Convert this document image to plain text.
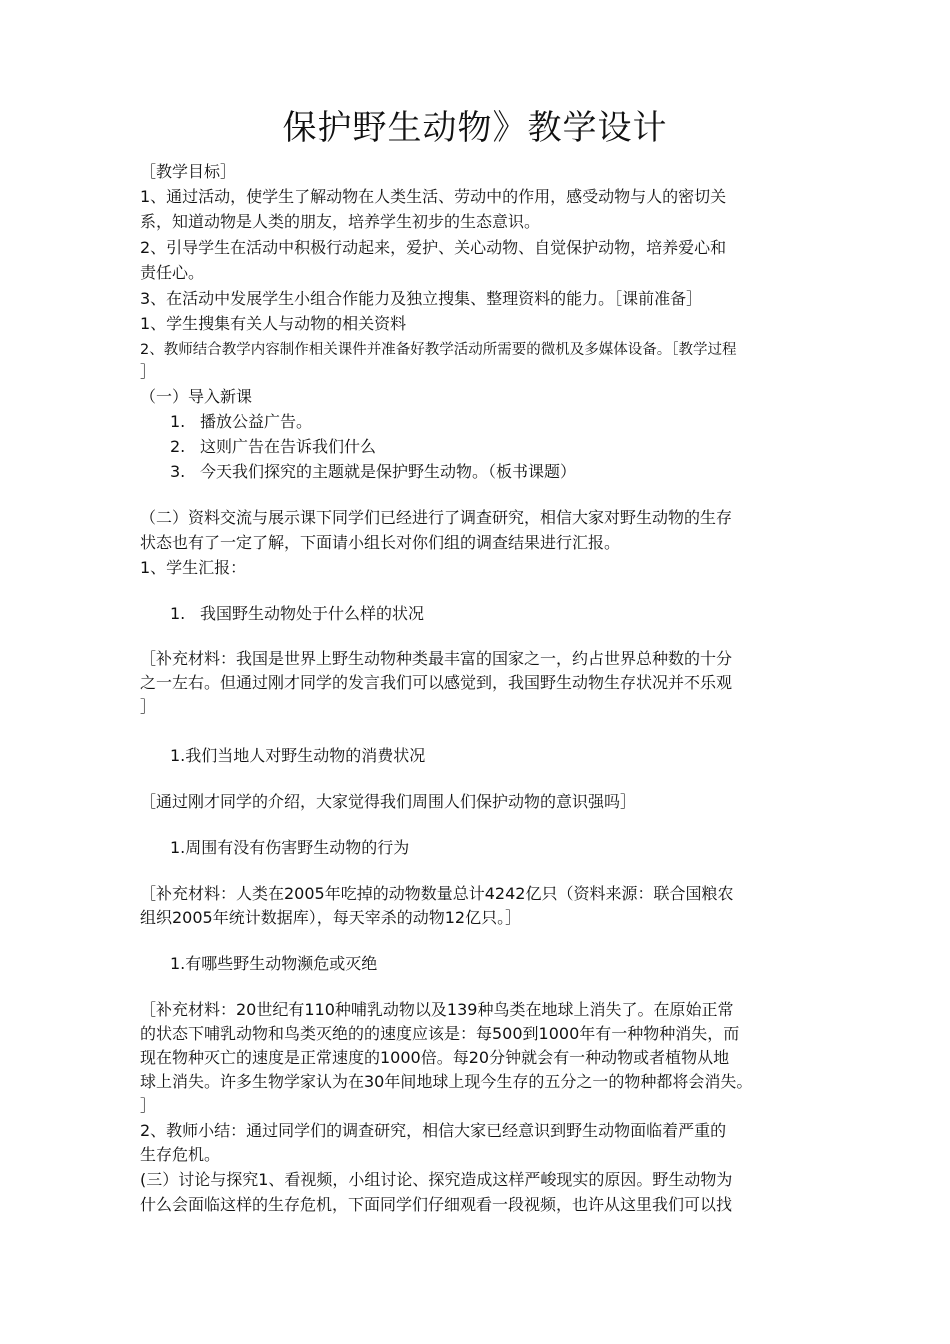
保护野生动物》教学设计
［教学目标］
1、通过活动，使学生了解动物在人类生活、劳动中的作用，感受动物与人的密切关
系，知道动物是人类的朋友，培养学生初步的生态意识。
2、引导学生在活动中积极行动起来，爱护、关心动物、自觉保护动物，培养爱心和
责任心。
3、在活动中发展学生小组合作能力及独立搜集、整理资料的能力。［课前准备］
1、学生搜集有关人与动物的相关资料
2、教师结合教学内容制作相关课件并准备好教学活动所需要的微机及多媒体设备。［教学过程
］
（一）导入新课
1. 播放公益广告。
2. 这则广告在告诉我们什么
3. 今天我们探究的主题就是保护野生动物。（板书课题）
（二）资料交流与展示课下同学们已经进行了调查研究，相信大家对野生动物的生存
状态也有了一定了解，下面请小组长对你们组的调查结果进行汇报。
1、学生汇报：
1. 我国野生动物处于什么样的状况
［补充材料：我国是世界上野生动物种类最丰富的国家之一，约占世界总种数的十分
之一左右。但通过刚才同学的发言我们可以感觉到，我国野生动物生存状况并不乐观
］
1.我们当地人对野生动物的消费状况
［通过刚才同学的介绍，大家觉得我们周围人们保护动物的意识强吗］
1.周围有没有伤害野生动物的行为
［补充材料：人类在2005年吃掉的动物数量总计4242亿只（资料来源：联合国粮农
组织2005年统计数据库），每天宰杀的动物12亿只。］
1.有哪些野生动物濒危或灭绝
［补充材料：20世纪有110种哺乳动物以及139种鸟类在地球上消失了。在原始正常
的状态下哺乳动物和鸟类灭绝的的速度应该是：每500到1000年有一种物种消失，而
现在物种灭亡的速度是正常速度的1000倍。每20分钟就会有一种动物或者植物从地
球上消失。许多生物学家认为在30年间地球上现今生存的五分之一的物种都将会消失。
］
2、教师小结：通过同学们的调查研究，相信大家已经意识到野生动物面临着严重的
生存危机。
(三）讨论与探究1、看视频，小组讨论、探究造成这样严峻现实的原因。野生动物为
什么会面临这样的生存危机，下面同学们仔细观看一段视频，也许从这里我们可以找
